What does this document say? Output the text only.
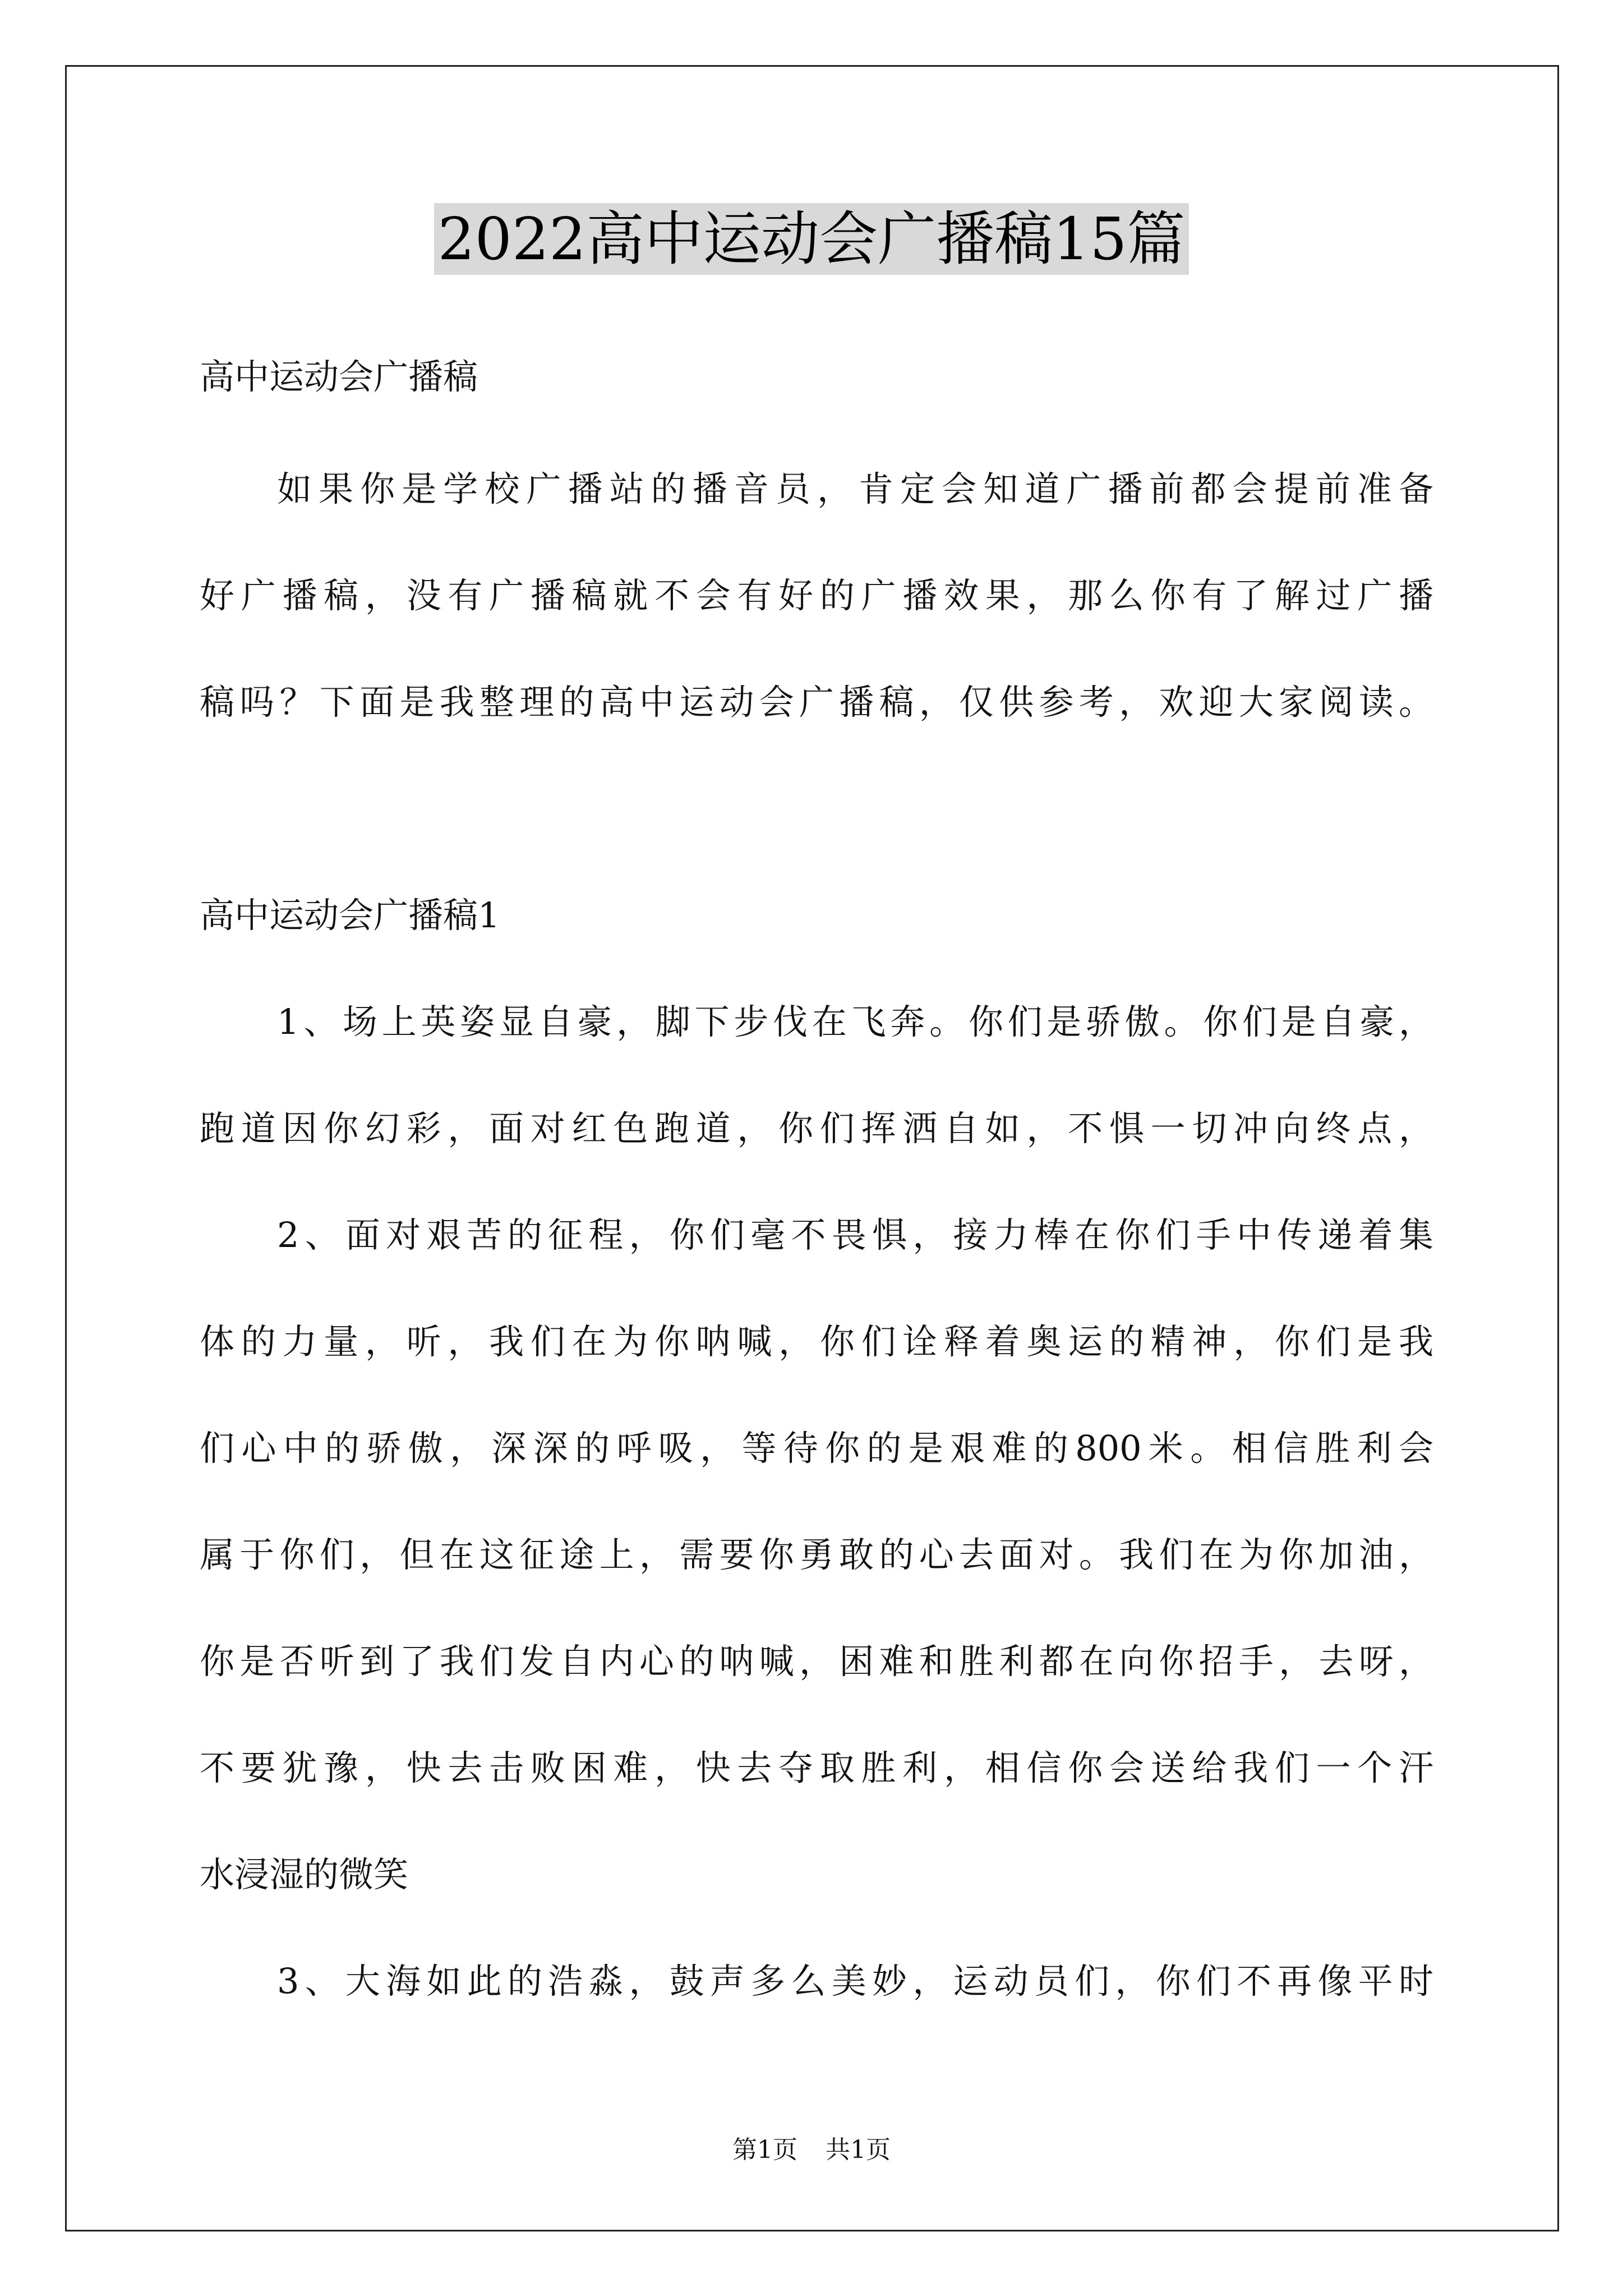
2022高中运动会广播稿15篇
高中运动会广播稿
如果你是学校广播站的播音员，肯定会知道广播前都会提前准备
好广播稿，没有广播稿就不会有好的广播效果，那么你有了解过广播
稿吗？下面是我整理的高中运动会广播稿，仅供参考，欢迎大家阅读。
高中运动会广播稿1
1、场上英姿显自豪，脚下步伐在飞奔。你们是骄傲。你们是自豪，
跑道因你幻彩，面对红色跑道，你们挥洒自如，不惧一切冲向终点，
2、面对艰苦的征程，你们毫不畏惧，接力棒在你们手中传递着集
体的力量，听，我们在为你呐喊，你们诠释着奥运的精神，你们是我
们心中的骄傲，深深的呼吸，等待你的是艰难的800米。相信胜利会
属于你们，但在这征途上，需要你勇敢的心去面对。我们在为你加油，
你是否听到了我们发自内心的呐喊，困难和胜利都在向你招手，去呀，
不要犹豫，快去击败困难，快去夺取胜利，相信你会送给我们一个汗
水浸湿的微笑
3、大海如此的浩淼，鼓声多么美妙，运动员们，你们不再像平时
第1页 共1页
